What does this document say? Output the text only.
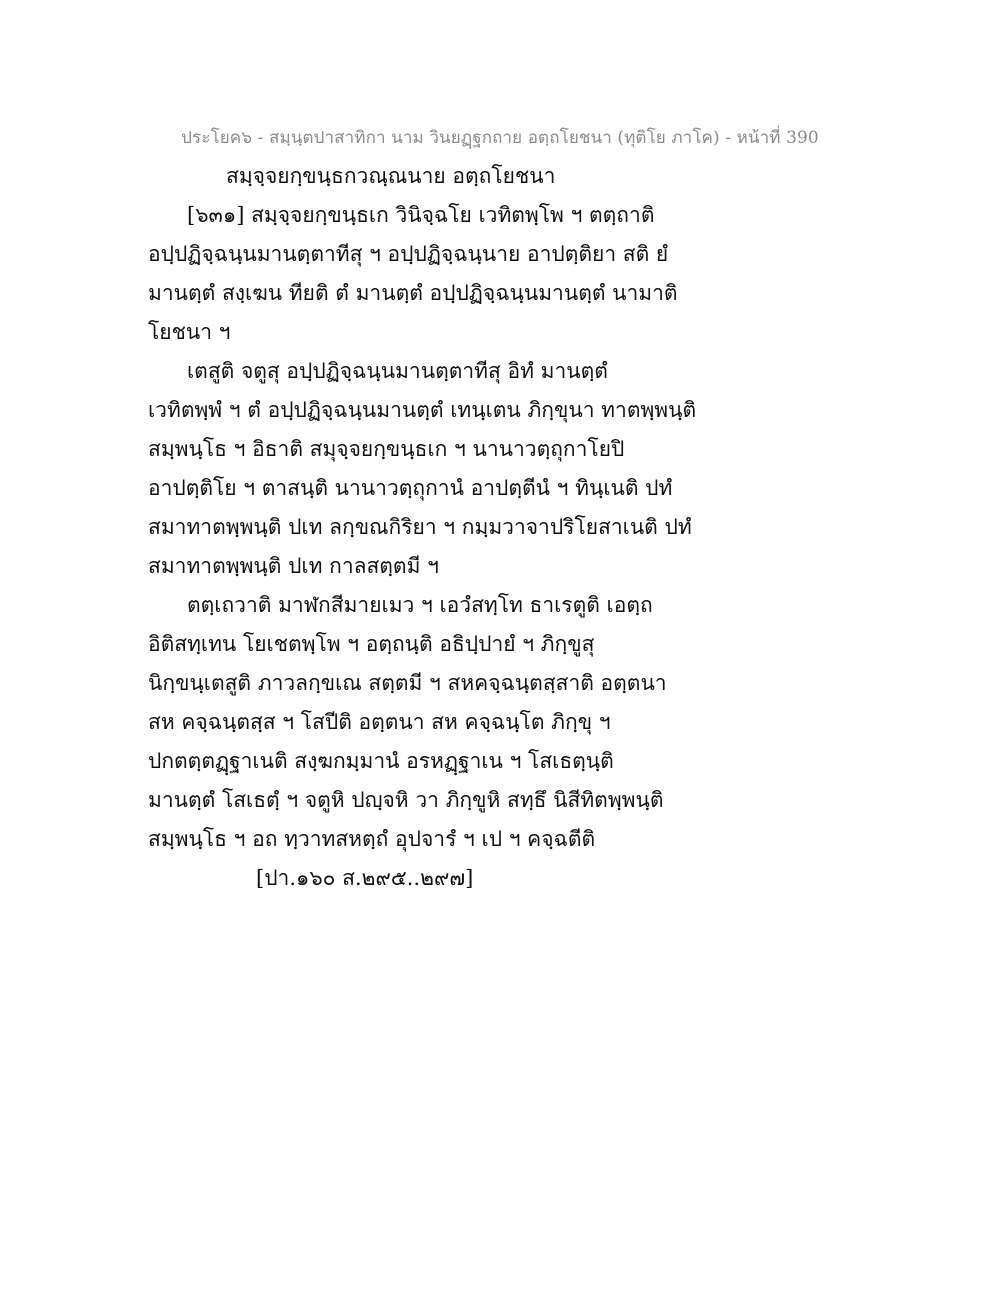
ประโยค๖ - สมฺนฺตปาสาทิกา นาม วินยฏฺฐกถาย อตฺถโยชนา (ทุติโย ภาโค) - หน้าที่ 390
สมฺจฺจยกฺขนฺธกวณฺณนาย อตฺถโยชนา
[๖๓๑] สมฺจฺจยกฺขนฺธเก วินิจฺฉโย เวทิตพฺโพ ฯ ตตฺถาติ
อปฺปฏิจฺฉนฺนมานตฺตาทีสุ ฯ อปฺปฏิจฺฉนฺนาย อาปตฺติยา สติ ยํ
มานตฺตํ สงฺเฆน ทียติ ตํ มานตฺตํ อปฺปฏิจฺฉนฺนมานตฺตํ นามาติ
โยชนา ฯ
เตสูติ จตูสุ อปฺปฏิจฺฉนฺนมานตฺตาทีสุ อิทํ มานตฺตํ
เวทิตพฺพํ ฯ ตํ อปฺปฏิจฺฉนฺนมานตฺตํ เทนฺเตน ภิกฺขุนา ทาตพฺพนฺติ
สมฺพนฺโธ ฯ อิธาติ สมุจฺจยกฺขนฺธเก ฯ นานาวตฺถุกาโยปิ
อาปตฺติโย ฯ ตาสนฺติ นานาวตฺถุกานํ อาปตฺตีนํ ฯ ทินฺเนติ ปทํ
สมาทาตพฺพนฺติ ปเท ลกฺขณกิริยา ฯ กมฺมวาจาปริโยสาเนติ ปทํ
สมาทาตพฺพนฺติ ปเท กาลสตฺตมี ฯ
ตตฺเถวาติ มาฬกสีมายเมว ฯ เอวํสทฺโท ธาเรตูติ เอตฺถ
อิติสทฺเทน โยเชตพฺโพ ฯ อตฺถนฺติ อธิปฺปายํ ฯ ภิกฺขูสุ
นิกฺขนฺเตสูติ ภาวลกฺขเณ สตฺตมี ฯ สหคจฺฉนฺตสฺสาติ อตฺตนา
สห คจฺฉนฺตสฺส ฯ โสปีติ อตฺตนา สห คจฺฉนฺโต ภิกฺขุ ฯ
ปกตตฺตฏฺฐาเนติ สงฺฆกมฺมานํ อรหฏฺฐาเน ฯ โสเธตฺนฺติ
มานตฺตํ โสเธตฺํ ฯ จตูหิ ปญฺจหิ วา ภิกฺขูหิ สทฺธึ นิสีทิตพฺพนฺติ
สมฺพนฺโธ ฯ อถ ทฺวาทสหตฺถํ อุปจารํ ฯ เป ฯ คจฺฉตีติ
[ปา.๑๖๐ ส.๒๙๕..๒๙๗]
